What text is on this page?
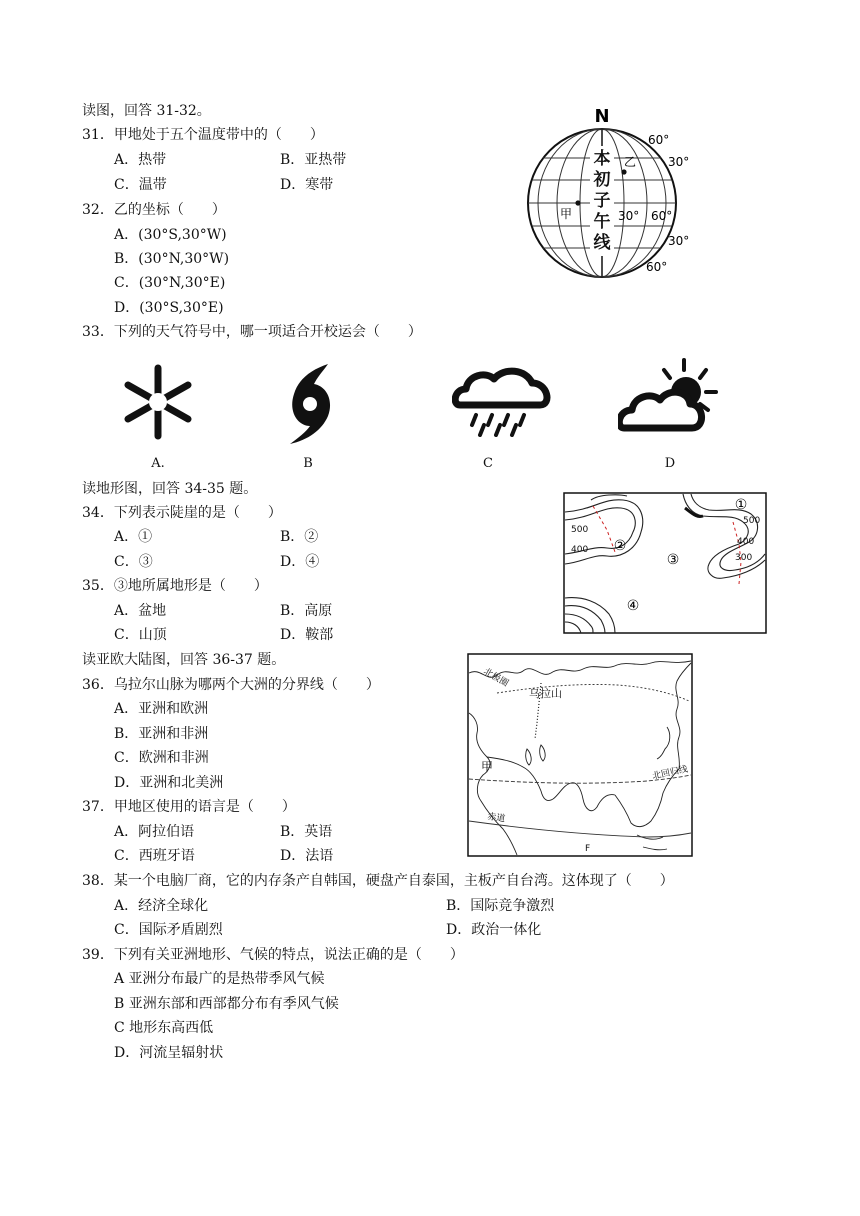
读图，回答 31-32。
31．甲地处于五个温度带中的（　　）
A．热带	B．亚热带
C．温带	D．寒带
32．乙的坐标（　　）
A．(30°S,30°W)
B．(30°N,30°W)
C．(30°N,30°E)
D．(30°S,30°E)
N
本
初
子
午
线
甲
乙
60°
30°
30° 60°
30°
60°
33．下列的天气符号中，哪一项适合开校运会（　　）
A.	B	C	D
读地形图，回答 34-35 题。
34．下列表示陡崖的是（　　）
A．①	B．②
C．③	D．④
35．③地所属地形是（　　）
A．盆地	B．高原
C．山顶	D．鞍部
①
②
③
④
500
400
500
400
300
读亚欧大陆图，回答 36-37 题。
36．乌拉尔山脉为哪两个大洲的分界线（　　）
A．亚洲和欧洲
B．亚洲和非洲
C．欧洲和非洲
D．亚洲和北美洲
37．甲地区使用的语言是（　　）
A．阿拉伯语	B．英语
C．西班牙语	D．法语
北极圈
乌拉山
甲	北回归线
赤道
F
38．某一个电脑厂商，它的内存条产自韩国，硬盘产自泰国，主板产自台湾。这体现了（　　）
A．经济全球化	B．国际竞争激烈
C．国际矛盾剧烈	D．政治一体化
39．下列有关亚洲地形、气候的特点，说法正确的是（　　）
A 亚洲分布最广的是热带季风气候
B 亚洲东部和西部都分布有季风气候
C 地形东高西低
D．河流呈辐射状
